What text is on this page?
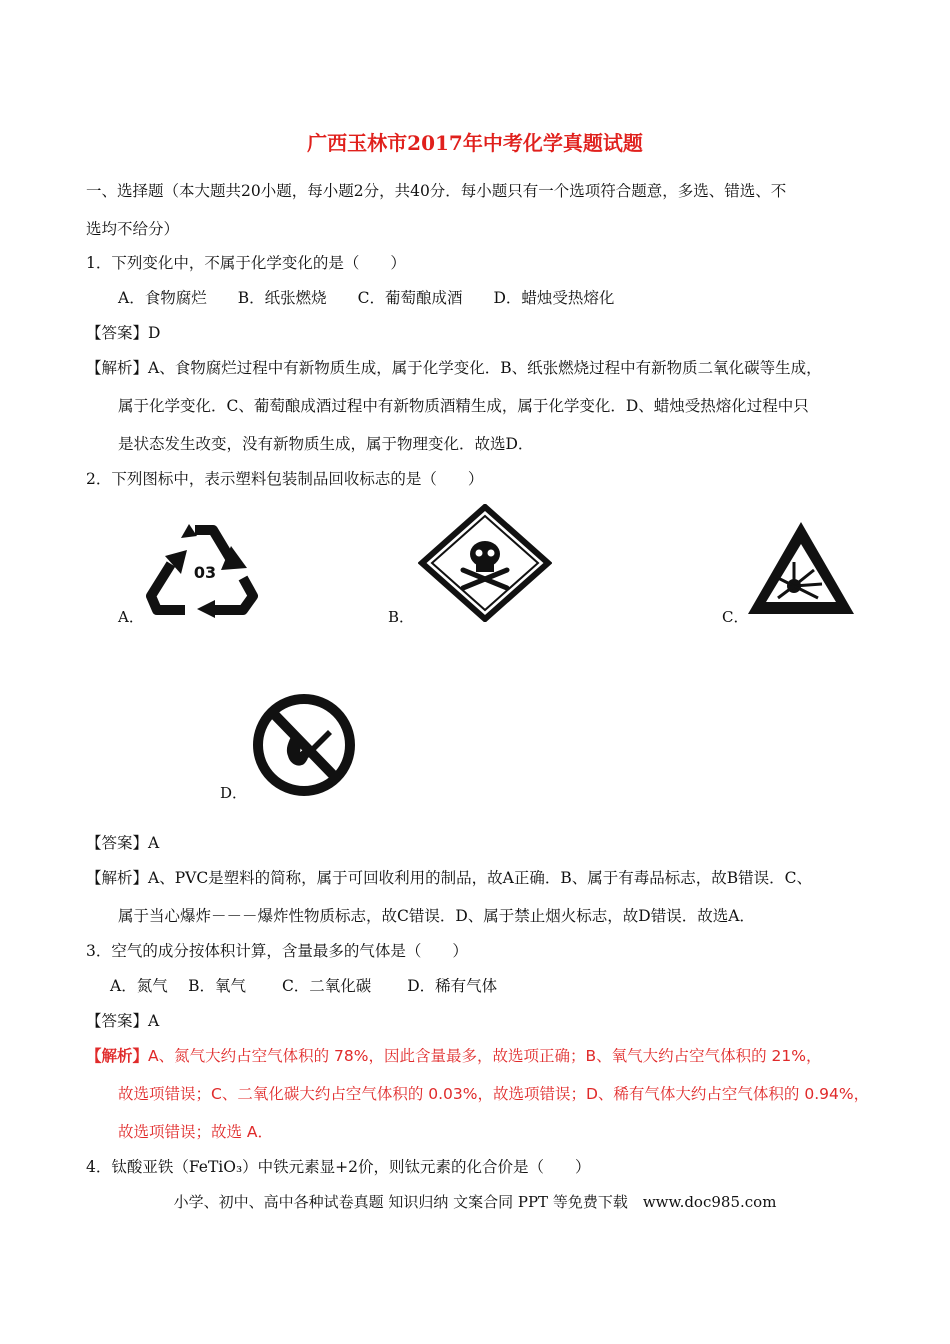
广西玉林市2017年中考化学真题试题
一、选择题（本大题共20小题，每小题2分，共40分．每小题只有一个选项符合题意，多选、错选、不
选均不给分）
1．下列变化中，不属于化学变化的是（　　）
A．食物腐烂　　B．纸张燃烧　　C．葡萄酿成酒　　D．蜡烛受热熔化
【答案】D
【解析】A、食物腐烂过程中有新物质生成，属于化学变化．B、纸张燃烧过程中有新物质二氧化碳等生成，
属于化学变化．C、葡萄酿成酒过程中有新物质酒精生成，属于化学变化．D、蜡烛受热熔化过程中只
是状态发生改变，没有新物质生成，属于物理变化．故选D．
2．下列图标中，表示塑料包装制品回收标志的是（　　）
A．
03
B．	C．
D．
【答案】A
【解析】A、PVC是塑料的简称，属于可回收利用的制品，故A正确．B、属于有毒品标志，故B错误．C、
属于当心爆炸－－－爆炸性物质标志，故C错误．D、属于禁止烟火标志，故D错误．故选A．
3．空气的成分按体积计算，含量最多的气体是（　　）
A．氮气　 B．氧气　　 C．二氧化碳　　 D．稀有气体
【答案】A
【解析】A、氮气大约占空气体积的 78%，因此含量最多，故选项正确；B、氧气大约占空气体积的 21%，
故选项错误；C、二氧化碳大约占空气体积的 0.03%，故选项错误；D、稀有气体大约占空气体积的 0.94%，
故选项错误；故选 A．
4．钛酸亚铁（FeTiO₃）中铁元素显+2价，则钛元素的化合价是（　　）
小学、初中、高中各种试卷真题 知识归纳 文案合同 PPT 等免费下载　www.doc985.com
